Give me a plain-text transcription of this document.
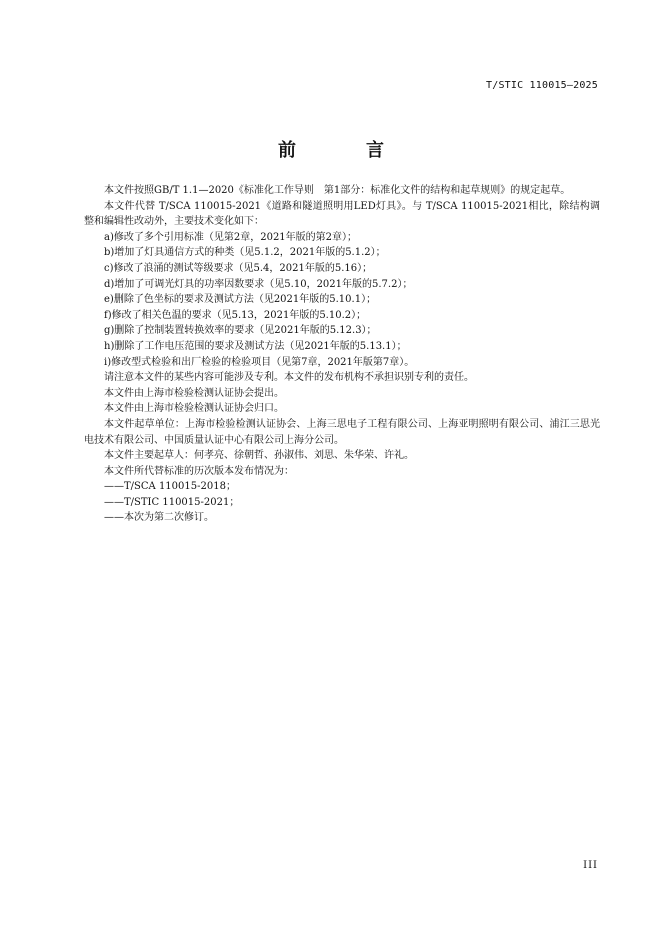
T/STIC 110015—2025
前　言

本文件按照GB/T 1.1—2020《标准化工作导则　第1部分：标准化文件的结构和起草规则》的规定起草。

本文件代替 T/SCA 110015-2021《道路和隧道照明用LED灯具》。与 T/SCA 110015-2021相比，除结构调整和编辑性改动外，主要技术变化如下：

a)修改了多个引用标准（见第2章，2021年版的第2章）；

b)增加了灯具通信方式的种类（见5.1.2，2021年版的5.1.2）；

c)修改了浪涌的测试等级要求（见5.4，2021年版的5.16）；

d)增加了可调光灯具的功率因数要求（见5.10，2021年版的5.7.2）；

e)删除了色坐标的要求及测试方法（见2021年版的5.10.1）；

f)修改了相关色温的要求（见5.13，2021年版的5.10.2）；

g)删除了控制装置转换效率的要求（见2021年版的5.12.3）；

h)删除了工作电压范围的要求及测试方法（见2021年版的5.13.1）；

i)修改型式检验和出厂检验的检验项目（见第7章，2021年版第7章）。

请注意本文件的某些内容可能涉及专利。本文件的发布机构不承担识别专利的责任。

本文件由上海市检验检测认证协会提出。

本文件由上海市检验检测认证协会归口。

本文件起草单位：上海市检验检测认证协会、上海三思电子工程有限公司、上海亚明照明有限公司、浦江三思光电技术有限公司、中国质量认证中心有限公司上海分公司。

本文件主要起草人：何孝亮、徐朝哲、孙淑伟、刘思、朱华荣、许礼。

本文件所代替标准的历次版本发布情况为：

——T/SCA 110015-2018；

——T/STIC 110015-2021；

——本次为第二次修订。

III
